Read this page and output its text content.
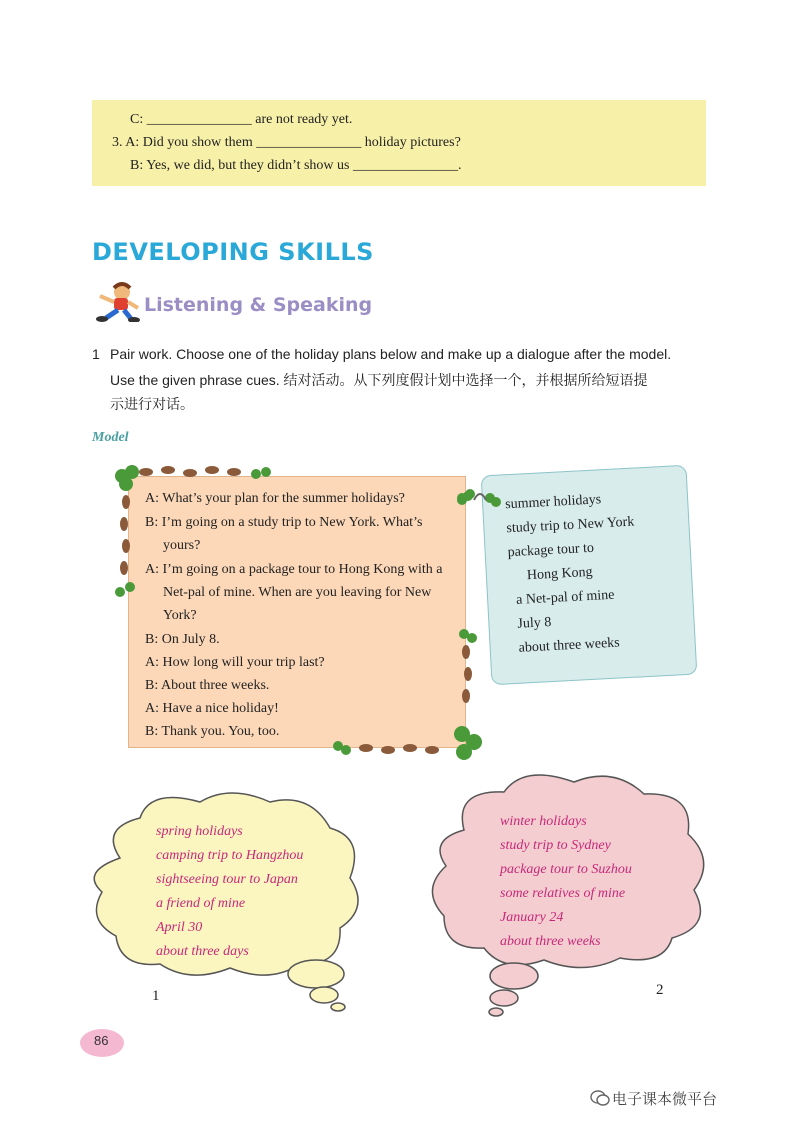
C: _______________ are not ready yet.
3. A: Did you show them _______________ holiday pictures?
B: Yes, we did, but they didn’t show us _______________.
DEVELOPING SKILLS
Listening & Speaking
1 Pair work. Choose one of the holiday plans below and make up a dialogue after the model.
Use the given phrase cues. 结对活动。从下列度假计划中选择一个，并根据所给短语提
示进行对话。
Model
A: What’s your plan for the summer holidays?
B: I’m going on a study trip to New York. What’s
yours?
A: I’m going on a package tour to Hong Kong with a
Net-pal of mine. When are you leaving for New
York?
B: On July 8.
A: How long will your trip last?
B: About three weeks.
A: Have a nice holiday!
B: Thank you. You, too.
summer holidays
study trip to New York
package tour to
Hong Kong
a Net-pal of mine
July 8
about three weeks
spring holidays
camping trip to Hangzhou
sightseeing tour to Japan
a friend of mine
April 30
about three days
1
winter holidays
study trip to Sydney
package tour to Suzhou
some relatives of mine
January 24
about three weeks
2
86
电子课本微平台
